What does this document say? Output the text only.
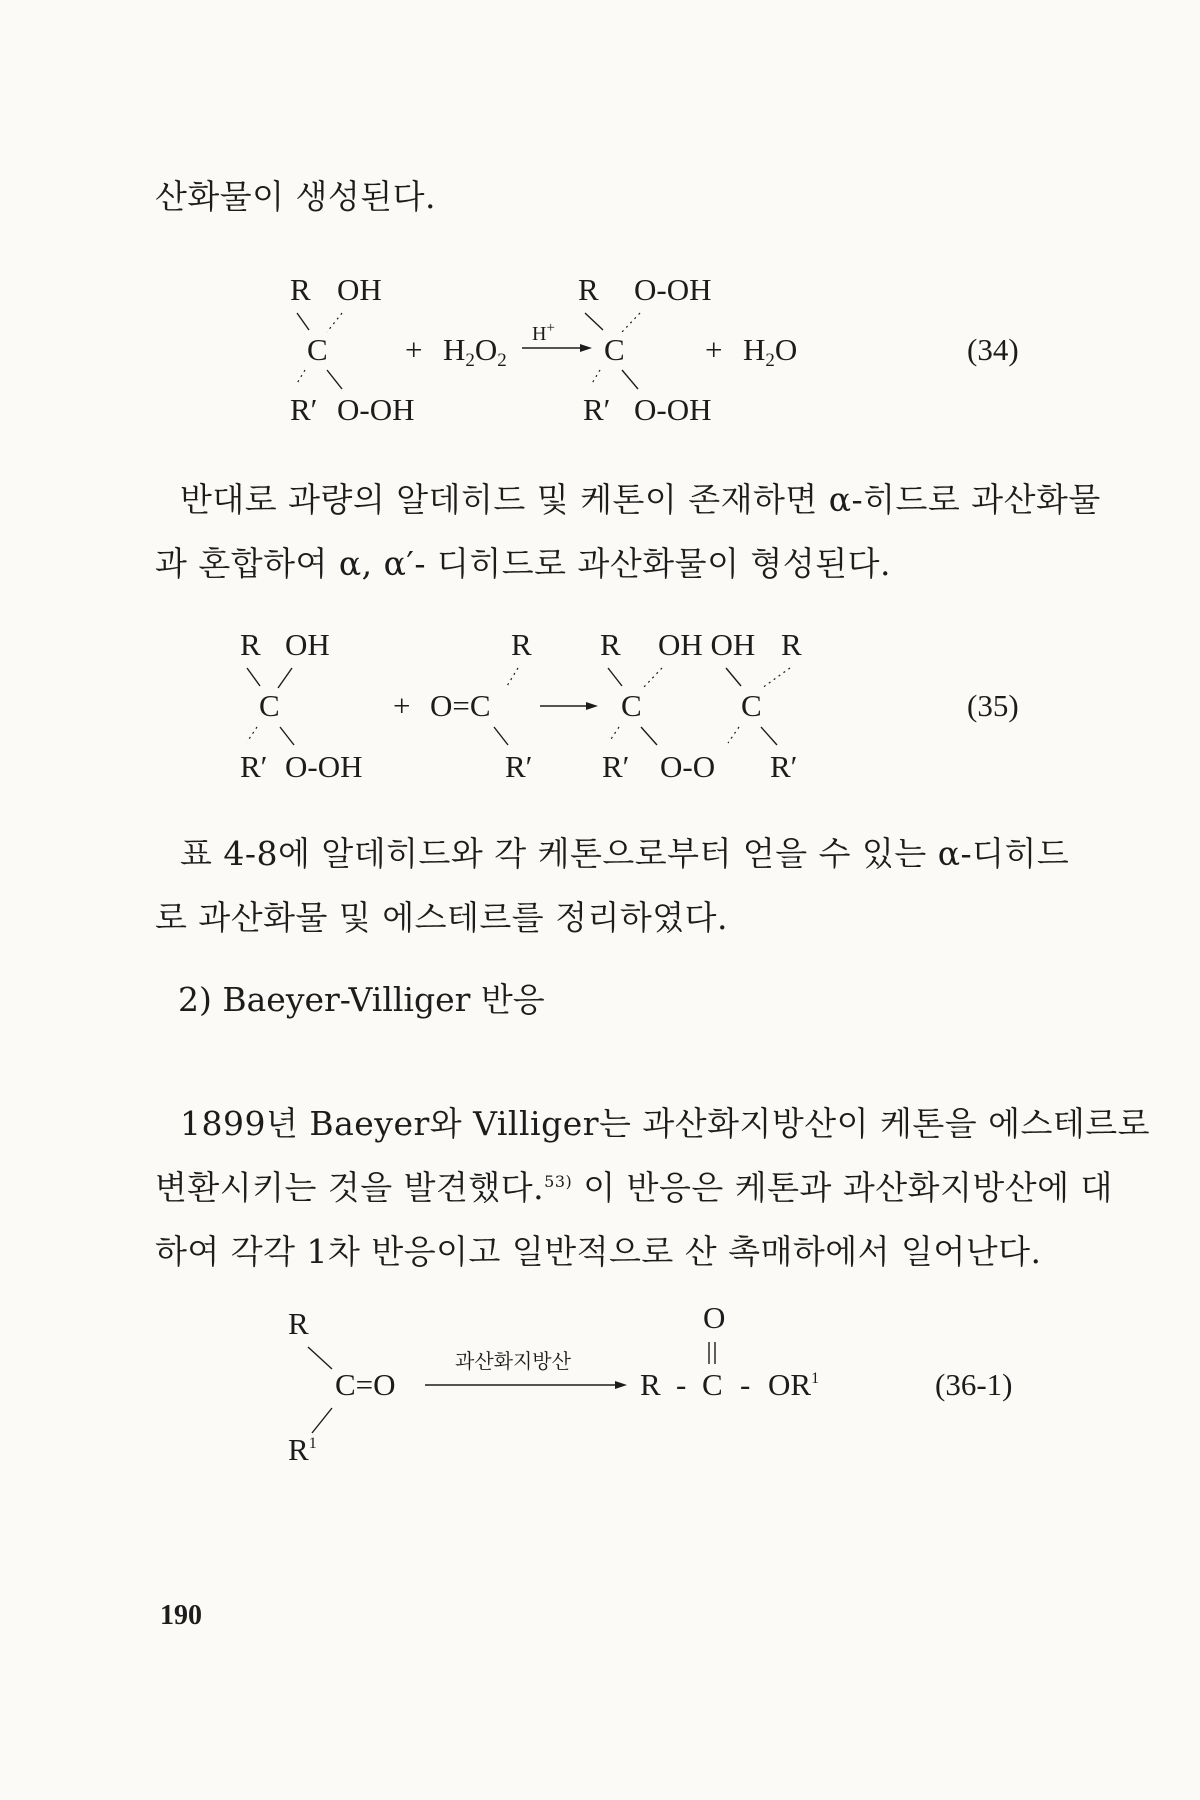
산화물이 생성된다.
R OH
C
R′ O-OH
+ H2O2
H+
R O-OH
C
R′ O-OH
+ H2O	(34)
R OH
C
R′ O-OH
+
R
O=C
R′
R OH OH R
C	C
R′ O-O R′
(35)
R
C=O
$R^1$
과산화지방산
O
R - C - $OR^1$	(36-1)
반대로 과량의 알데히드 및 케톤이 존재하면 α-히드로 과산화물
과 혼합하여 α, α′- 디히드로 과산화물이 형성된다.
표 4-8에 알데히드와 각 케톤으로부터 얻을 수 있는 α-디히드
로 과산화물 및 에스테르를 정리하였다.
2) Baeyer-Villiger 반응
1899년 Baeyer와 Villiger는 과산화지방산이 케톤을 에스테르로
변환시키는 것을 발견했다.$^{53)}$ 이 반응은 케톤과 과산화지방산에 대
하여 각각 1차 반응이고 일반적으로 산 촉매하에서 일어난다.
190
